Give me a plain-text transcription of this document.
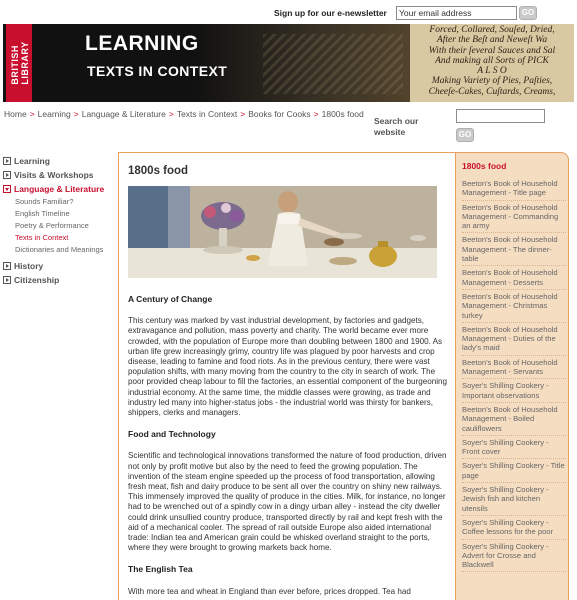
Sign up for our e-newsletter
Your email address	GO
BRITISH LIBRARY	LEARNING
TEXTS IN CONTEXT
Forced, Collared, Souſed, Dried,
After the Beſt and Neweſt Wa
With their ſeveral Sauces and Sal
And making all Sorts of PICK
A L S O
Making Variety of Pies, Paſties,
Cheeſe-Cakes, Cuſtards, Creams,
Home > Learning > Language & Literature > Texts in Context > Books for Cooks > 1800s food
Search our website	GO
Learning
Visits & Workshops
Language & Literature
Sounds Familiar?
English Timeline
Poetry & Performance
Texts in Context
Dictionaries and Meanings
History
Citizenship
1800s food
A Century of Change

This century was marked by vast industrial development, by factories and gadgets, extravagance and pollution, mass poverty and charity. The world became ever more crowded, with the population of Europe more than doubling between 1800 and 1900. As urban life grew increasingly grimy, country life was plagued by poor harvests and crop disease, leading to famine and food riots. As in the previous century, there were vast population shifts, with many moving from the country to the city in search of work. The poor provided cheap labour to fill the factories, an essential component of the burgeoning industrial economy. At the same time, the middle classes were growing, as trade and industry led many into higher-status jobs - the industrial world was thirsty for bankers, shippers, clerks and managers.

Food and Technology

Scientific and technological innovations transformed the nature of food production, driven not only by profit motive but also by the need to feed the growing population. The invention of the steam engine speeded up the process of food transportation, allowing fresh meat, fish and dairy produce to be sent all over the country on shiny new railways. This immensely improved the quality of produce in the cities. Milk, for instance, no longer had to be wrenched out of a spindly cow in a dingy urban alley - instead the city dweller could drink unsullied country produce, transported directly by rail and kept fresh with the aid of a mechanical cooler. The spread of rail outside Europe also aided international trade: Indian tea and American grain could be whisked overland straight to the ports, where they were brought to growing markets back home.

The English Tea

With more tea and wheat in England than ever before, prices dropped. Tea had

1800s food
Beeton's Book of Household Management - Title page
Beeton's Book of Household Management - Commanding an army
Beeton's Book of Household Management - The dinner-table
Beeton's Book of Household Management - Desserts
Beeton's Book of Household Management - Christmas turkey
Beeton's Book of Household Management - Duties of the lady's maid
Beeton's Book of Household Management - Servants
Soyer's Shilling Cookery - Important observations
Beeton's Book of Household Management - Boiled cauliflowers
Soyer's Shilling Cookery - Front cover
Soyer's Shilling Cookery - Title page
Soyer's Shilling Cookery - Jewish fish and kitchen utensils
Soyer's Shilling Cookery - Coffee lessons for the poor
Soyer's Shilling Cookery - Advert for Crosse and Blackwell
